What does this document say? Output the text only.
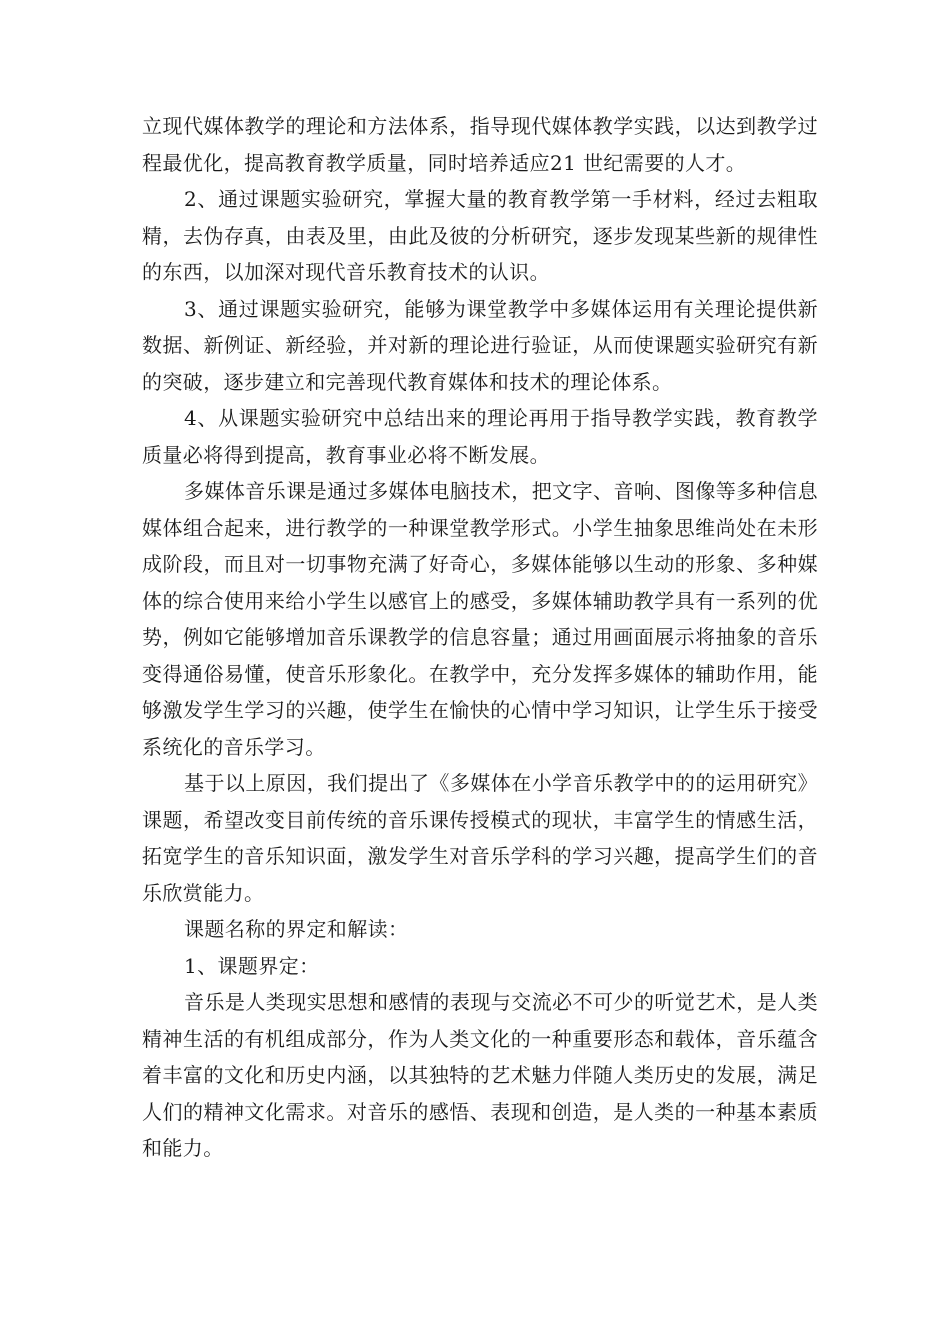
立现代媒体教学的理论和方法体系，指导现代媒体教学实践，以达到教学过程最优化，提高教育教学质量，同时培养适应21 世纪需要的人才。

2、通过课题实验研究，掌握大量的教育教学第一手材料，经过去粗取精，去伪存真，由表及里，由此及彼的分析研究，逐步发现某些新的规律性的东西，以加深对现代音乐教育技术的认识。

3、通过课题实验研究，能够为课堂教学中多媒体运用有关理论提供新数据、新例证、新经验，并对新的理论进行验证，从而使课题实验研究有新的突破，逐步建立和完善现代教育媒体和技术的理论体系。

4、从课题实验研究中总结出来的理论再用于指导教学实践，教育教学质量必将得到提高，教育事业必将不断发展。

多媒体音乐课是通过多媒体电脑技术，把文字、音响、图像等多种信息媒体组合起来，进行教学的一种课堂教学形式。小学生抽象思维尚处在未形成阶段，而且对一切事物充满了好奇心，多媒体能够以生动的形象、多种媒体的综合使用来给小学生以感官上的感受，多媒体辅助教学具有一系列的优势，例如它能够增加音乐课教学的信息容量；通过用画面展示将抽象的音乐变得通俗易懂，使音乐形象化。在教学中，充分发挥多媒体的辅助作用，能够激发学生学习的兴趣，使学生在愉快的心情中学习知识，让学生乐于接受系统化的音乐学习。

基于以上原因，我们提出了《多媒体在小学音乐教学中的的运用研究》课题，希望改变目前传统的音乐课传授模式的现状，丰富学生的情感生活，拓宽学生的音乐知识面，激发学生对音乐学科的学习兴趣，提高学生们的音乐欣赏能力。

课题名称的界定和解读：

1、课题界定：

音乐是人类现实思想和感情的表现与交流必不可少的听觉艺术，是人类精神生活的有机组成部分，作为人类文化的一种重要形态和载体，音乐蕴含着丰富的文化和历史内涵，以其独特的艺术魅力伴随人类历史的发展，满足人们的精神文化需求。对音乐的感悟、表现和创造，是人类的一种基本素质和能力。
